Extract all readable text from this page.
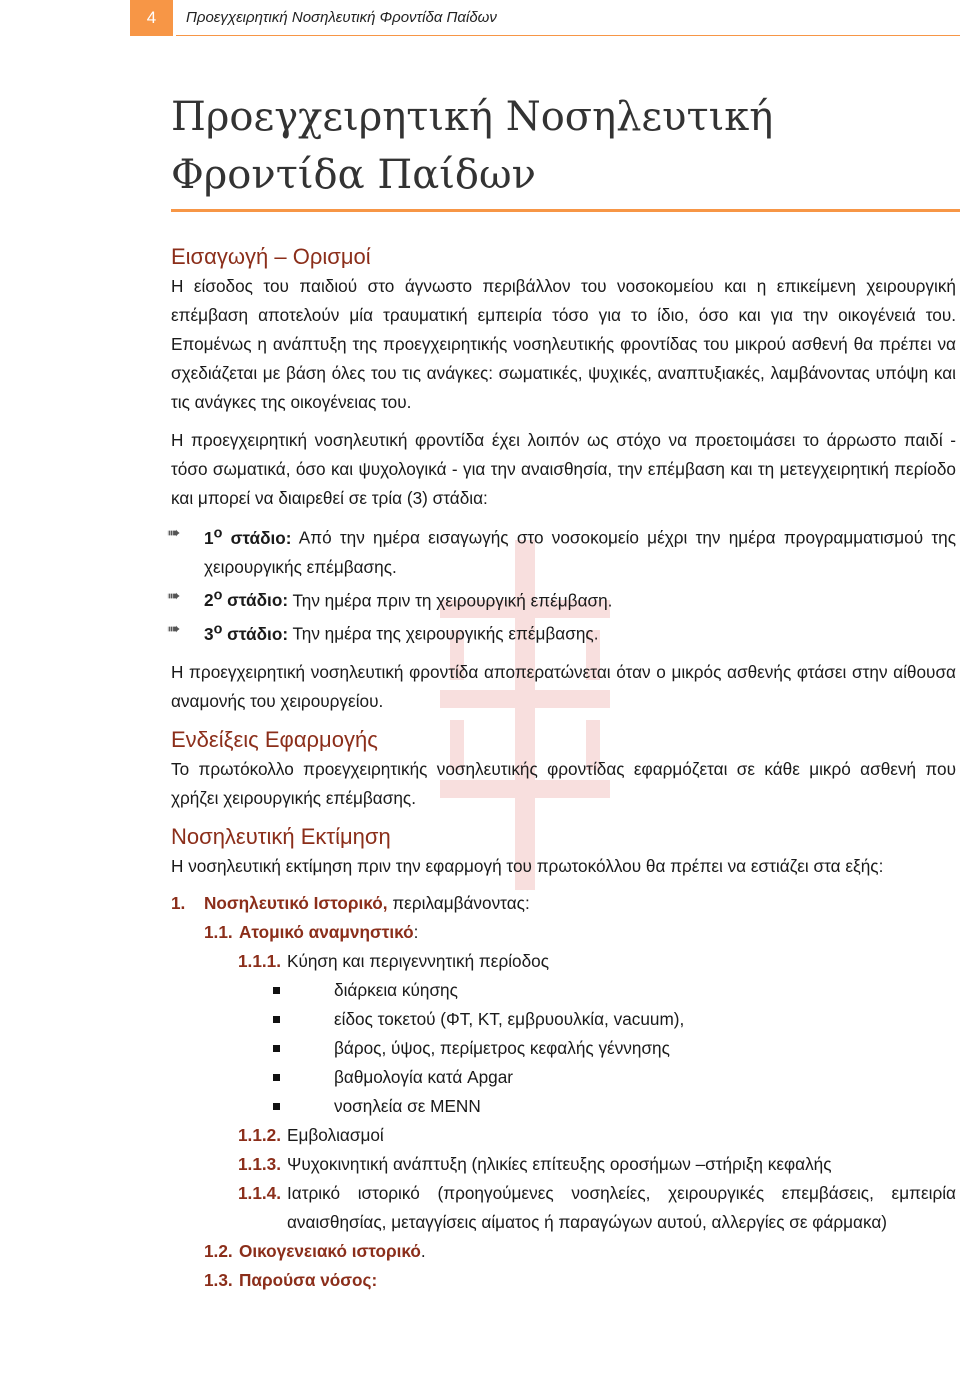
4	Προεγχειρητική Νοσηλευτική Φροντίδα Παίδων
Προεγχειρητική Νοσηλευτική
Φροντίδα Παίδων
Εισαγωγή – Ορισμοί

Η είσοδος του παιδιού στο άγνωστο περιβάλλον του νοσοκομείου και η επικείμενη χειρουργική επέμβαση αποτελούν μία τραυματική εμπειρία τόσο για το ίδιο, όσο και για την οικογένειά του. Επομένως η ανάπτυξη της προεγχειρητικής νοσηλευτικής φροντίδας του μικρού ασθενή θα πρέπει να σχεδιάζεται με βάση όλες του τις ανάγκες: σωματικές, ψυχικές, αναπτυξιακές, λαμβάνοντας υπόψη και τις ανάγκες της οικογένειας του.

Η προεγχειρητική νοσηλευτική φροντίδα έχει λοιπόν ως στόχο να προετοιμάσει το άρρωστο παιδί - τόσο σωματικά, όσο και ψυχολογικά - για την αναισθησία, την επέμβαση και τη μετεγχειρητική περίοδο και μπορεί να διαιρεθεί σε τρία (3) στάδια:

➠ $1^o$ στάδιο: Από την ημέρα εισαγωγής στο νοσοκομείο μέχρι την ημέρα προγραμματισμού της χειρουργικής επέμβασης.
➠ $2^o$ στάδιο: Την ημέρα πριν τη χειρουργική επέμβαση.
➠ $3^o$ στάδιο: Την ημέρα της χειρουργικής επέμβασης.

Η προεγχειρητική νοσηλευτική φροντίδα αποπερατώνεται όταν ο μικρός ασθενής φτάσει στην αίθουσα αναμονής του χειρουργείου.

Ενδείξεις Εφαρμογής

Το πρωτόκολλο προεγχειρητικής νοσηλευτικής φροντίδας εφαρμόζεται σε κάθε μικρό ασθενή που χρήζει χειρουργικής επέμβασης.

Νοσηλευτική Εκτίμηση

Η νοσηλευτική εκτίμηση πριν την εφαρμογή του πρωτοκόλλου θα πρέπει να εστιάζει στα εξής:

1. Νοσηλευτικό Ιστορικό, περιλαμβάνοντας:
1.1. Ατομικό αναμνηστικό:
1.1.1. Κύηση και περιγεννητική περίοδος
διάρκεια κύησης
είδος τοκετού (ΦΤ, ΚΤ, εμβρυουλκία, vacuum),
βάρος, ύψος, περίμετρος κεφαλής γέννησης
βαθμολογία κατά Apgar
νοσηλεία σε ΜΕΝΝ
1.1.2. Εμβολιασμοί
1.1.3. Ψυχοκινητική ανάπτυξη (ηλικίες επίτευξης οροσήμων –στήριξη κεφαλής
1.1.4. Ιατρικό ιστορικό (προηγούμενες νοσηλείες, χειρουργικές επεμβάσεις, εμπειρία αναισθησίας, μεταγγίσεις αίματος ή παραγώγων αυτού, αλλεργίες σε φάρμακα)
1.2. Οικογενειακό ιστορικό.
1.3. Παρούσα νόσος:
